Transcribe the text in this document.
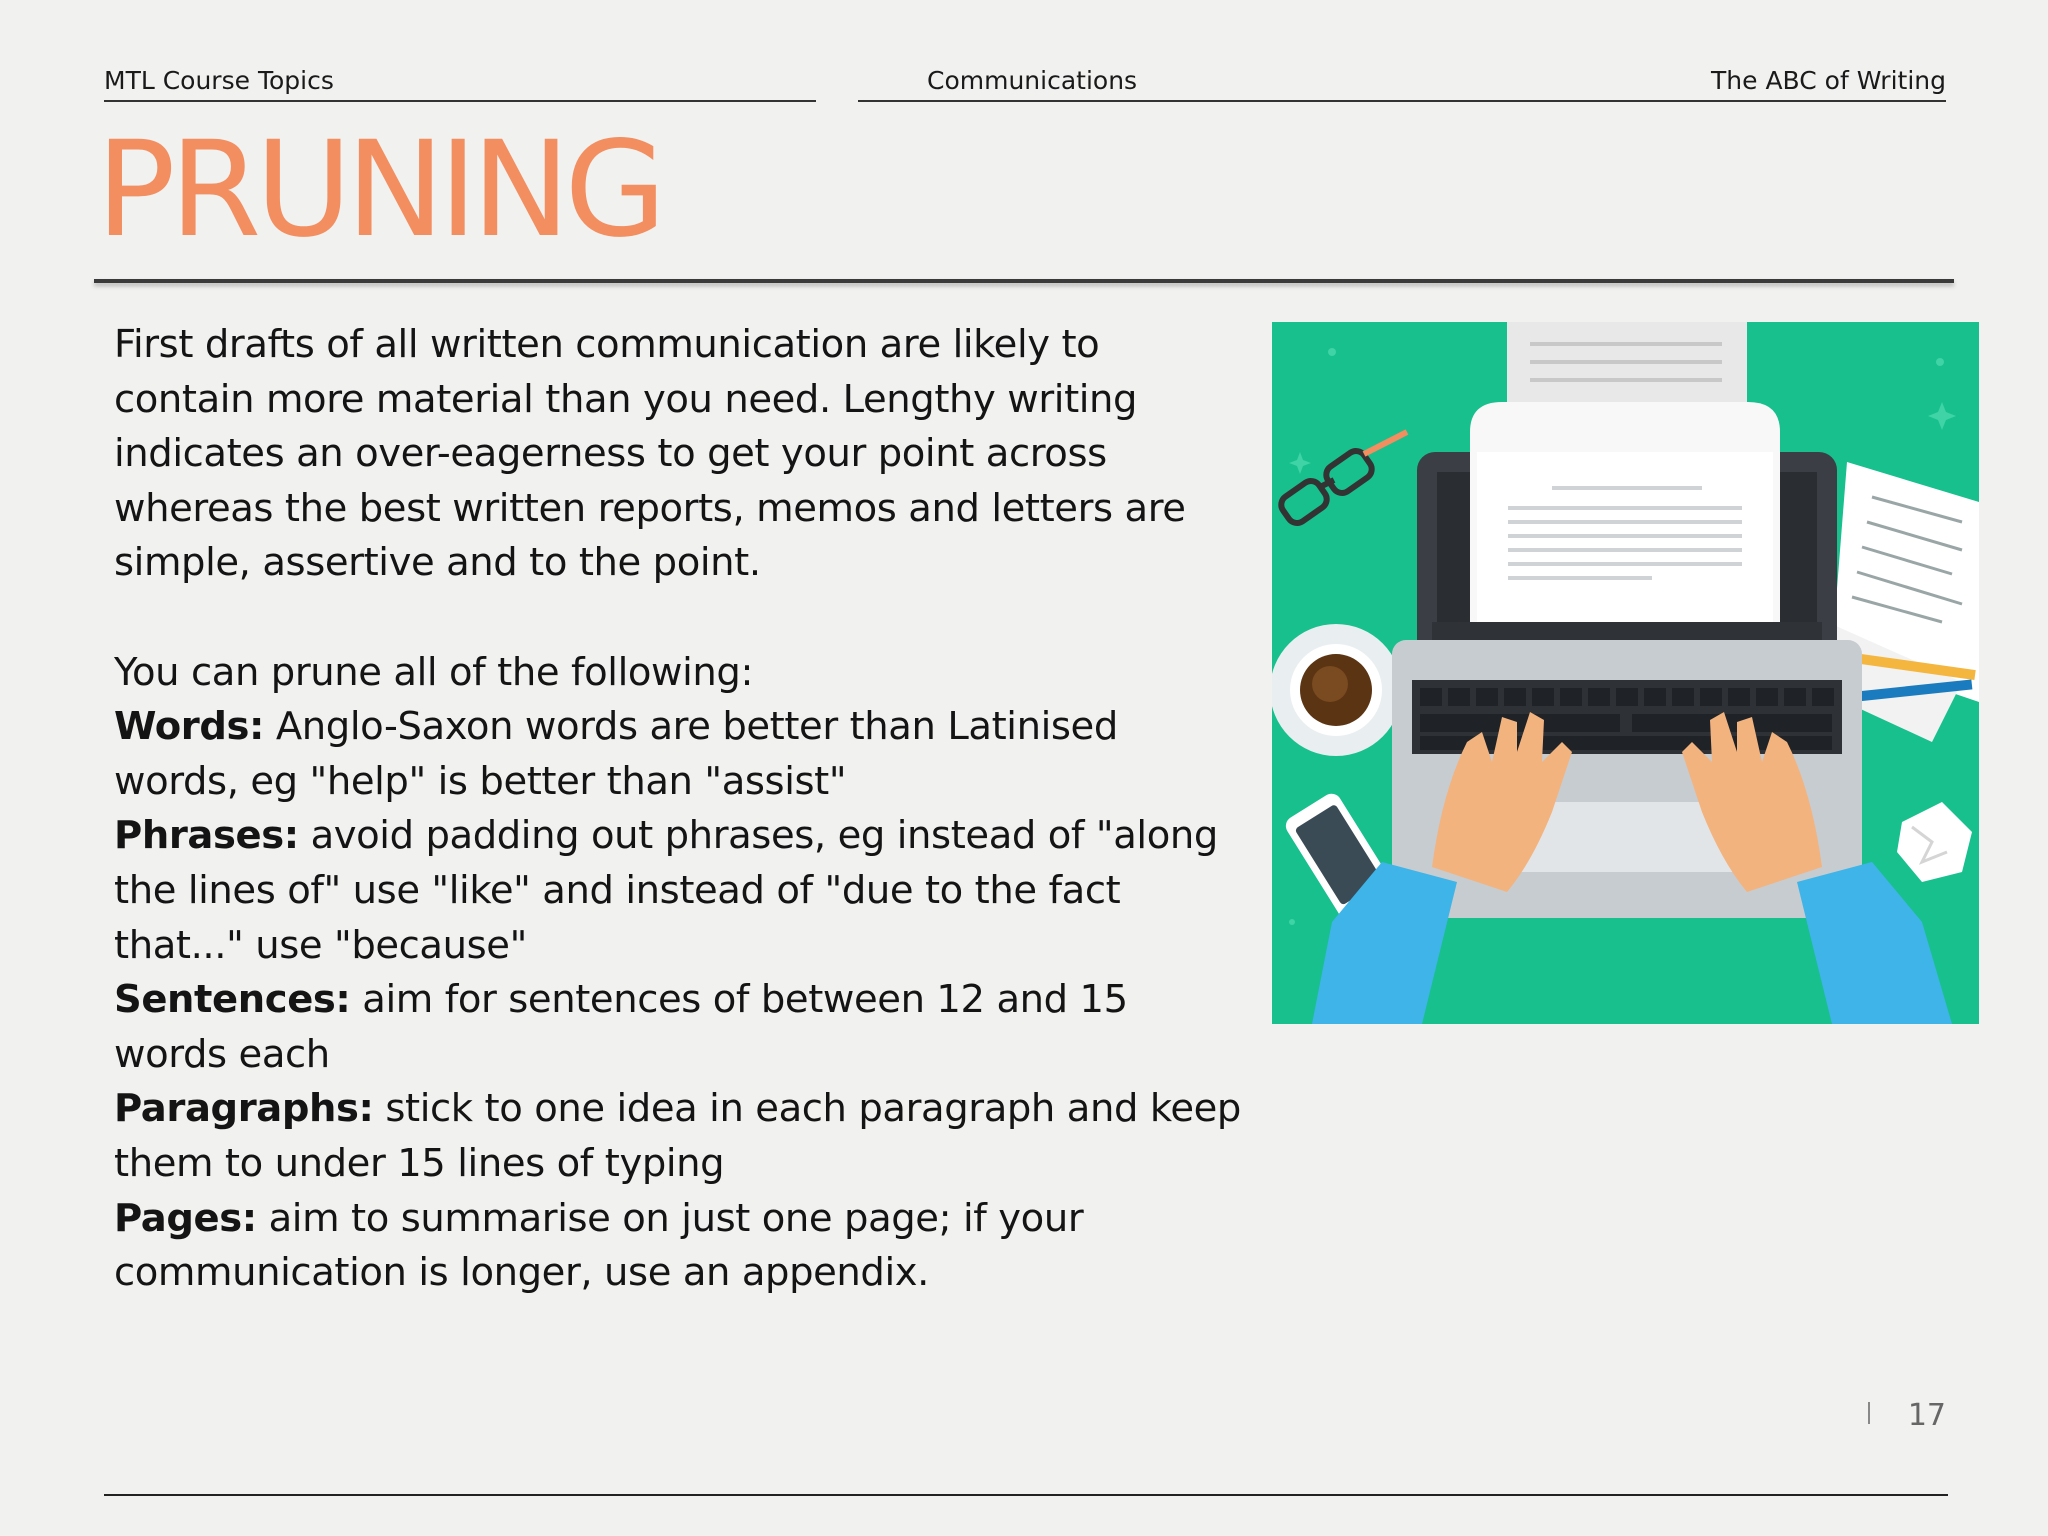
MTL Course Topics	Communications	The ABC of Writing
PRUNING

First drafts of all written communication are likely to contain more material than you need. Lengthy writing indicates an over-eagerness to get your point across whereas the best written reports, memos and letters are simple, assertive and to the point.

You can prune all of the following:

Words: Anglo-Saxon words are better than Latinised words, eg "help" is better than "assist"

Phrases: avoid padding out phrases, eg instead of "along the lines of" use "like" and instead of "due to the fact that..." use "because"

Sentences: aim for sentences of between 12 and 15 words each

Paragraphs: stick to one idea in each paragraph and keep them to under 15 lines of typing

Pages: aim to summarise on just one page; if your communication is longer, use an appendix.

17
